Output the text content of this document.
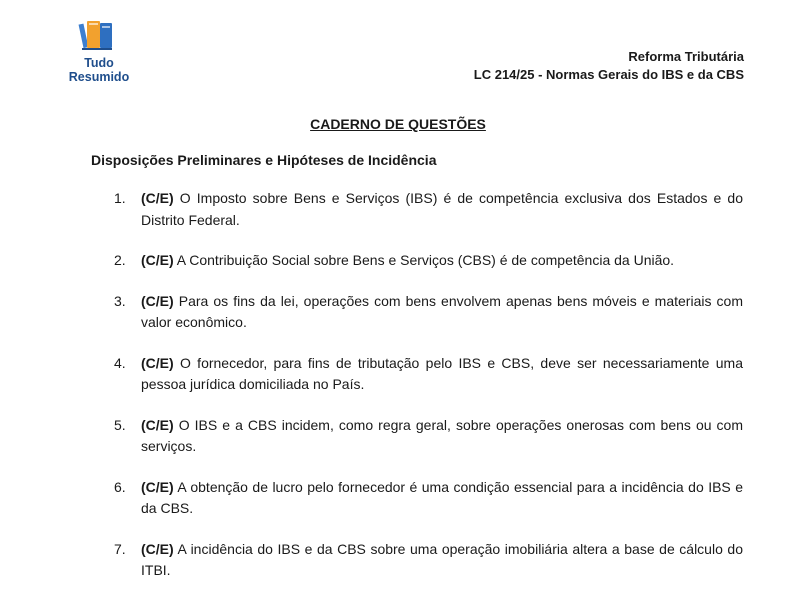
Tudo
Resumido
Reforma Tributária
LC 214/25 - Normas Gerais do IBS e da CBS
CADERNO DE QUESTÕES
Disposições Preliminares e Hipóteses de Incidência
1. (C/E) O Imposto sobre Bens e Serviços (IBS) é de competência exclusiva dos Estados e do Distrito Federal.
2. (C/E) A Contribuição Social sobre Bens e Serviços (CBS) é de competência da União.
3. (C/E) Para os fins da lei, operações com bens envolvem apenas bens móveis e materiais com valor econômico.
4. (C/E) O fornecedor, para fins de tributação pelo IBS e CBS, deve ser necessariamente uma pessoa jurídica domiciliada no País.
5. (C/E) O IBS e a CBS incidem, como regra geral, sobre operações onerosas com bens ou com serviços.
6. (C/E) A obtenção de lucro pelo fornecedor é uma condição essencial para a incidência do IBS e da CBS.
7. (C/E) A incidência do IBS e da CBS sobre uma operação imobiliária altera a base de cálculo do ITBI.
